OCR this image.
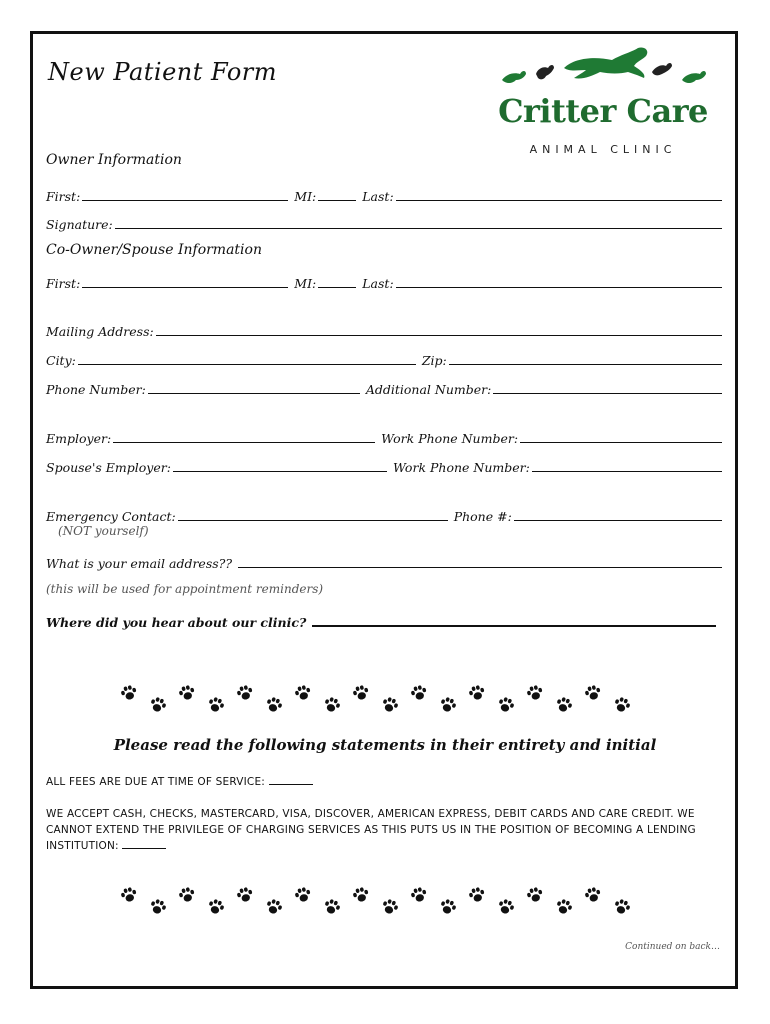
New Patient Form
Critter Care
ANIMAL CLINIC
Owner Information
First:	MI:	Last:
Signature:
Co-Owner/Spouse Information
First:	MI:	Last:
Mailing Address:
City:	Zip:
Phone Number:	Additional Number:
Employer:	Work Phone Number:
Spouse's Employer:	Work Phone Number:
Emergency Contact:	Phone #:
(NOT yourself)
What is your email address??
(this will be used for appointment reminders)
Where did you hear about our clinic?
Please read the following statements in their entirety and initial
ALL FEES ARE DUE AT TIME OF SERVICE:
WE ACCEPT CASH, CHECKS, MASTERCARD, VISA, DISCOVER, AMERICAN EXPRESS, DEBIT CARDS AND CARE CREDIT. WE CANNOT EXTEND THE PRIVILEGE OF CHARGING SERVICES AS THIS PUTS US IN THE POSITION OF BECOMING A LENDING INSTITUTION:
Continued on back…
